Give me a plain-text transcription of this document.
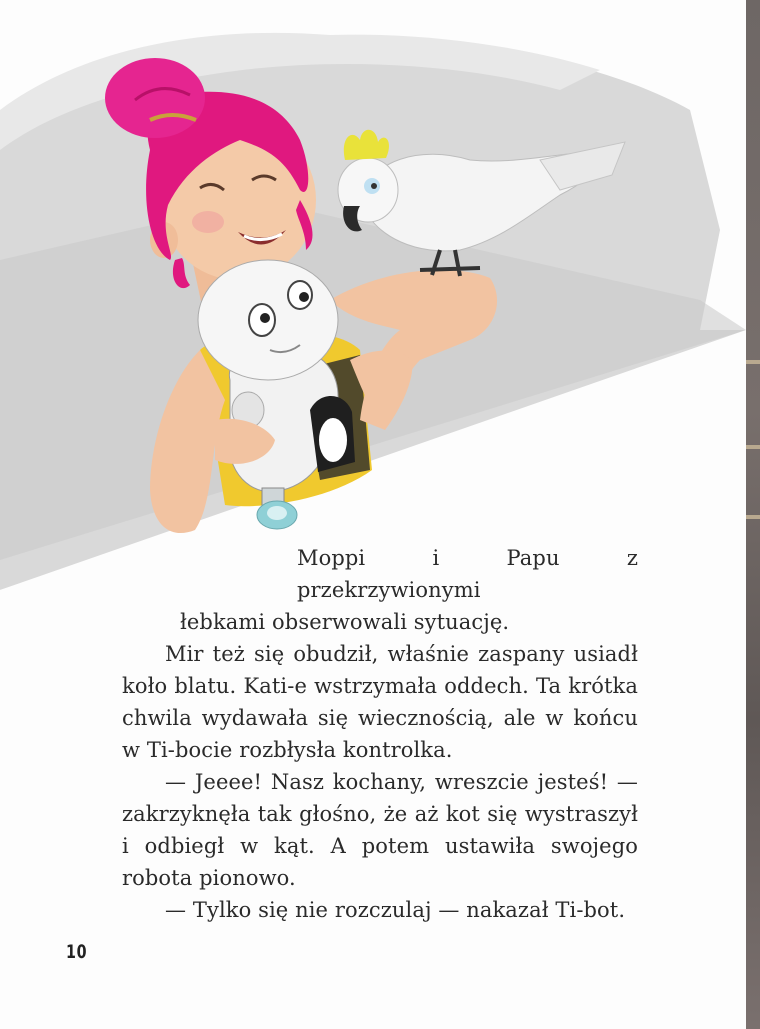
Moppi i Papu z przekrzywionymi

łebkami obserwowali sytuację.

Mir też się obudził, właśnie zaspany usiadł koło blatu. Kati-e wstrzymała oddech. Ta krótka chwila wydawała się wiecznością, ale w końcu w Ti-bocie rozbłysła kontrolka.

— Jeeee! Nasz kochany, wreszcie jesteś! — zakrzyknęła tak głośno, że aż kot się wystraszył i odbiegł w kąt. A potem ustawiła swojego robota pionowo.

— Tylko się nie rozczulaj — nakazał Ti-bot.

10
